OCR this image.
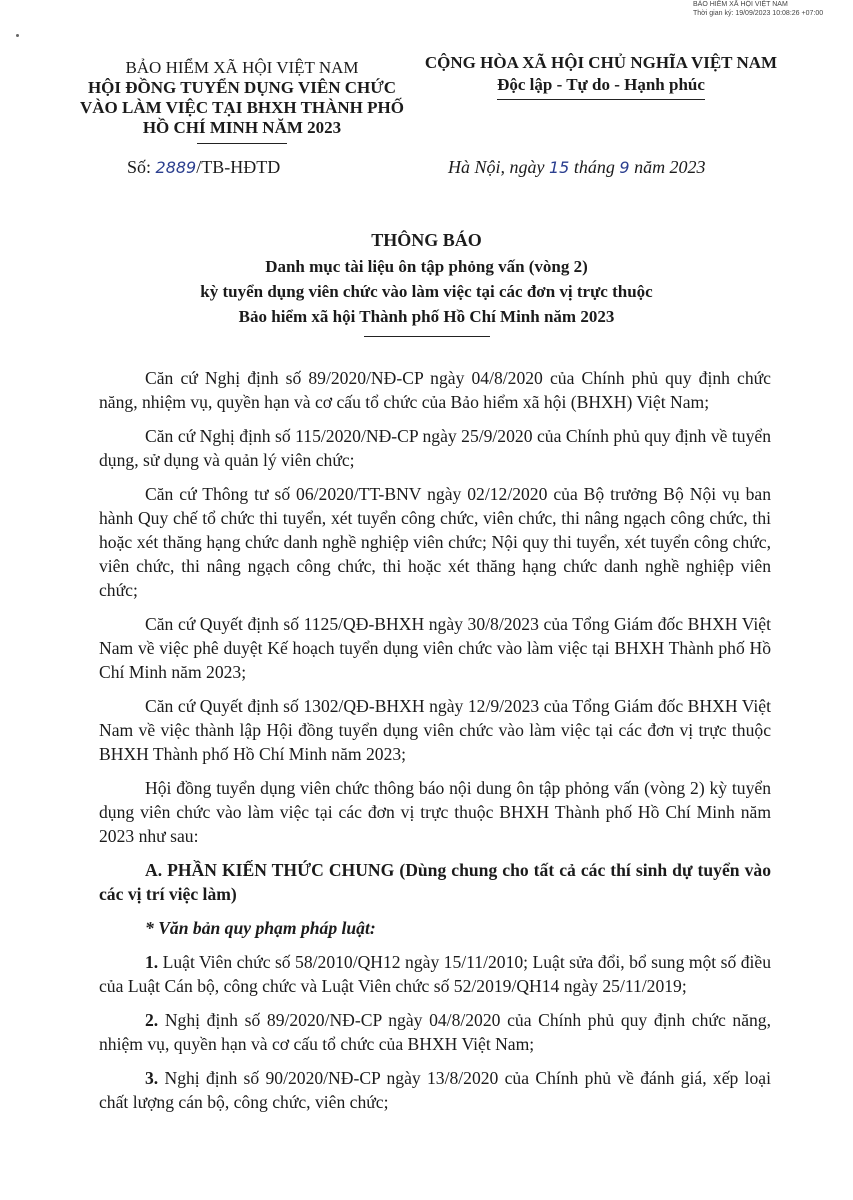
BẢO HIỂM XÃ HỘI VIỆT NAM
Thời gian ký: 19/09/2023 10:08:26 +07:00
BẢO HIỂM XÃ HỘI VIỆT NAM
HỘI ĐỒNG TUYỂN DỤNG VIÊN CHỨC
VÀO LÀM VIỆC TẠI BHXH THÀNH PHỐ
HỒ CHÍ MINH NĂM 2023
CỘNG HÒA XÃ HỘI CHỦ NGHĨA VIỆT NAM
Độc lập - Tự do - Hạnh phúc
Số: 2889/TB-HĐTD	Hà Nội, ngày 15 tháng 9 năm 2023
THÔNG BÁO
Danh mục tài liệu ôn tập phỏng vấn (vòng 2)
kỳ tuyển dụng viên chức vào làm việc tại các đơn vị trực thuộc
Bảo hiểm xã hội Thành phố Hồ Chí Minh năm 2023

Căn cứ Nghị định số 89/2020/NĐ-CP ngày 04/8/2020 của Chính phủ quy định chức năng, nhiệm vụ, quyền hạn và cơ cấu tổ chức của Bảo hiểm xã hội (BHXH) Việt Nam;

Căn cứ Nghị định số 115/2020/NĐ-CP ngày 25/9/2020 của Chính phủ quy định về tuyển dụng, sử dụng và quản lý viên chức;

Căn cứ Thông tư số 06/2020/TT-BNV ngày 02/12/2020 của Bộ trưởng Bộ Nội vụ ban hành Quy chế tổ chức thi tuyển, xét tuyển công chức, viên chức, thi nâng ngạch công chức, thi hoặc xét thăng hạng chức danh nghề nghiệp viên chức; Nội quy thi tuyển, xét tuyển công chức, viên chức, thi nâng ngạch công chức, thi hoặc xét thăng hạng chức danh nghề nghiệp viên chức;

Căn cứ Quyết định số 1125/QĐ-BHXH ngày 30/8/2023 của Tổng Giám đốc BHXH Việt Nam về việc phê duyệt Kế hoạch tuyển dụng viên chức vào làm việc tại BHXH Thành phố Hồ Chí Minh năm 2023;

Căn cứ Quyết định số 1302/QĐ-BHXH ngày 12/9/2023 của Tổng Giám đốc BHXH Việt Nam về việc thành lập Hội đồng tuyển dụng viên chức vào làm việc tại các đơn vị trực thuộc BHXH Thành phố Hồ Chí Minh năm 2023;

Hội đồng tuyển dụng viên chức thông báo nội dung ôn tập phỏng vấn (vòng 2) kỳ tuyển dụng viên chức vào làm việc tại các đơn vị trực thuộc BHXH Thành phố Hồ Chí Minh năm 2023 như sau:

A. PHẦN KIẾN THỨC CHUNG (Dùng chung cho tất cả các thí sinh dự tuyển vào các vị trí việc làm)

* Văn bản quy phạm pháp luật:

1. Luật Viên chức số 58/2010/QH12 ngày 15/11/2010; Luật sửa đổi, bổ sung một số điều của Luật Cán bộ, công chức và Luật Viên chức số 52/2019/QH14 ngày 25/11/2019;

2. Nghị định số 89/2020/NĐ-CP ngày 04/8/2020 của Chính phủ quy định chức năng, nhiệm vụ, quyền hạn và cơ cấu tổ chức của BHXH Việt Nam;

3. Nghị định số 90/2020/NĐ-CP ngày 13/8/2020 của Chính phủ về đánh giá, xếp loại chất lượng cán bộ, công chức, viên chức;
